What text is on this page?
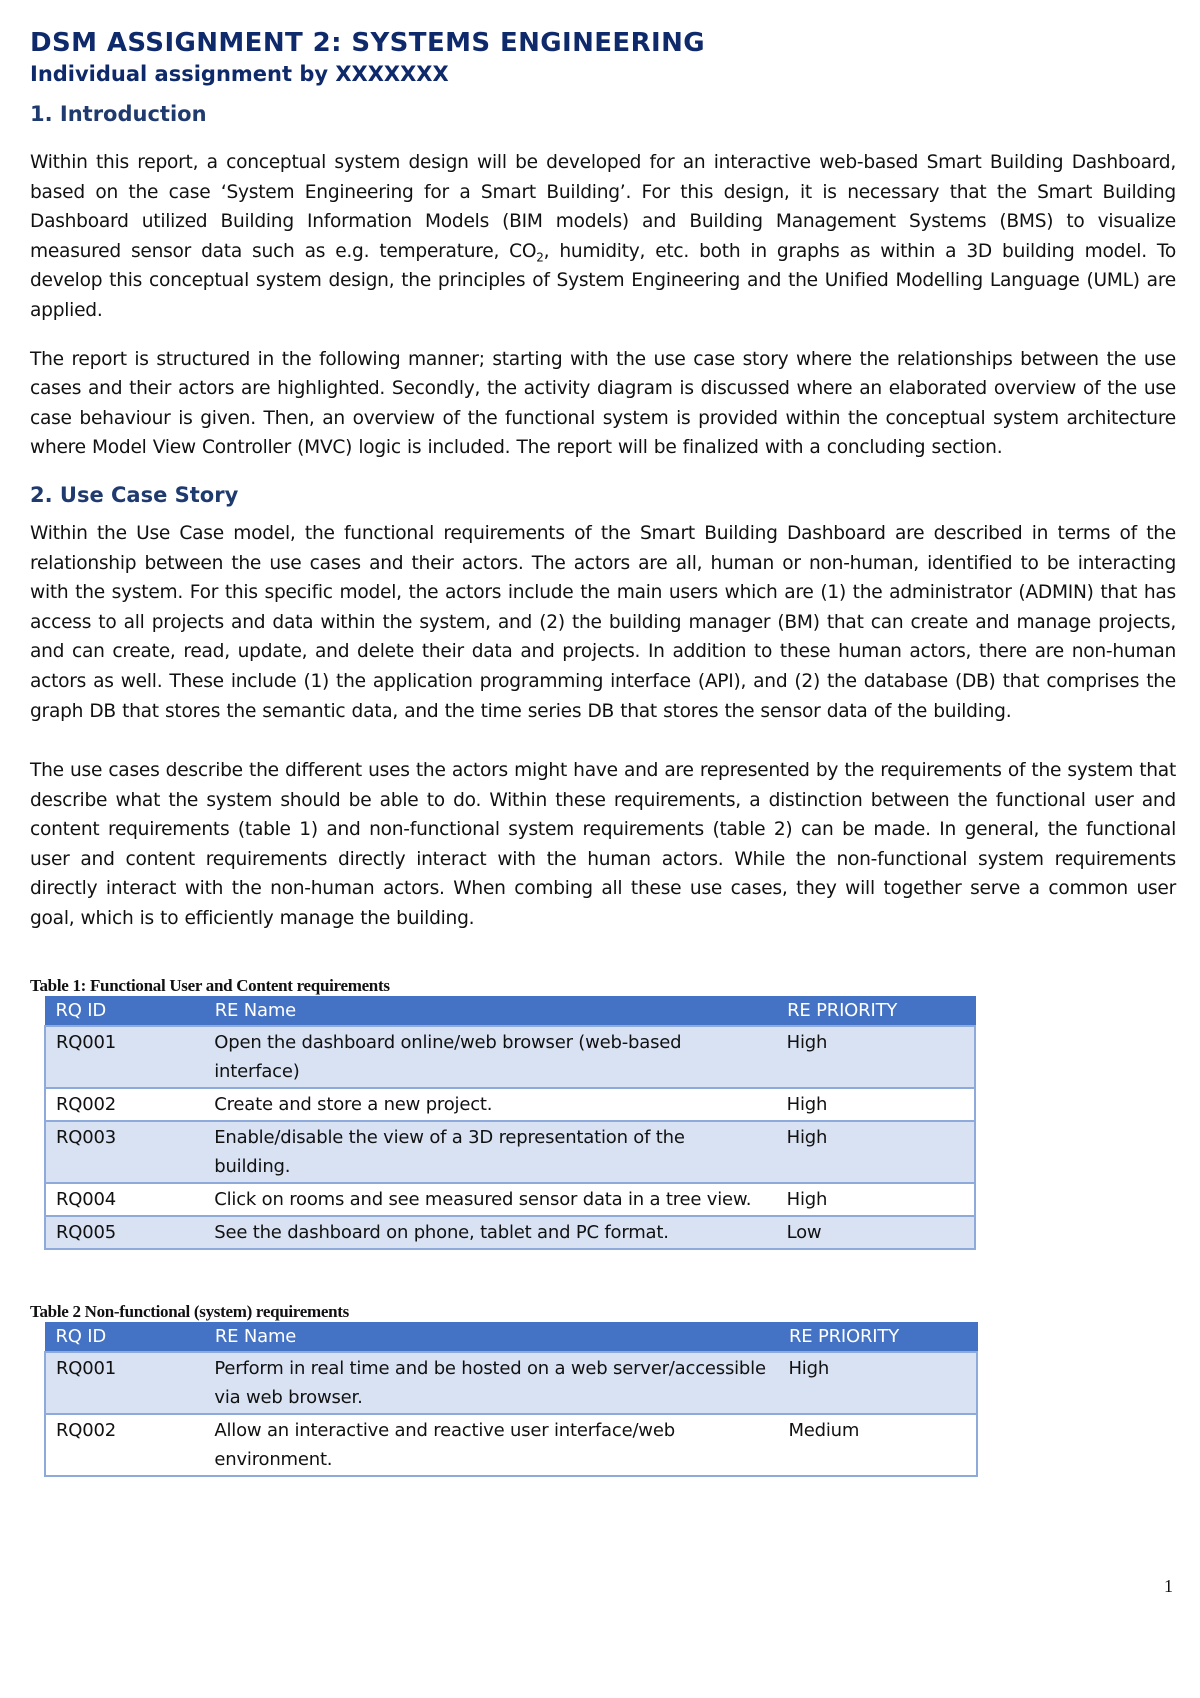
DSM ASSIGNMENT 2: SYSTEMS ENGINEERING
Individual assignment by XXXXXXX
1. Introduction

Within this report, a conceptual system design will be developed for an interactive web-based Smart Building Dashboard, based on the case ‘System Engineering for a Smart Building’. For this design, it is necessary that the Smart Building Dashboard utilized Building Information Models (BIM models) and Building Management Systems (BMS) to visualize measured sensor data such as e.g. temperature, $CO_2$, humidity, etc. both in graphs as within a 3D building model. To develop this conceptual system design, the principles of System Engineering and the Unified Modelling Language (UML) are applied.

The report is structured in the following manner; starting with the use case story where the relationships between the use cases and their actors are highlighted. Secondly, the activity diagram is discussed where an elaborated overview of the use case behaviour is given. Then, an overview of the functional system is provided within the conceptual system architecture where Model View Controller (MVC) logic is included. The report will be finalized with a concluding section.

2. Use Case Story

Within the Use Case model, the functional requirements of the Smart Building Dashboard are described in terms of the relationship between the use cases and their actors. The actors are all, human or non-human, identified to be interacting with the system. For this specific model, the actors include the main users which are (1) the administrator (ADMIN) that has access to all projects and data within the system, and (2) the building manager (BM) that can create and manage projects, and can create, read, update, and delete their data and projects. In addition to these human actors, there are non-human actors as well. These include (1) the application programming interface (API), and (2) the database (DB) that comprises the graph DB that stores the semantic data, and the time series DB that stores the sensor data of the building.

The use cases describe the different uses the actors might have and are represented by the requirements of the system that describe what the system should be able to do. Within these requirements, a distinction between the functional user and content requirements (table 1) and non-functional system requirements (table 2) can be made. In general, the functional user and content requirements directly interact with the human actors. While the non-functional system requirements directly interact with the non-human actors. When combing all these use cases, they will together serve a common user goal, which is to efficiently manage the building.

Table 1: Functional User and Content requirements

RQ ID	RE Name	RE PRIORITY
RQ001	Open the dashboard online/web browser (web-based interface)	High
RQ002	Create and store a new project.	High
RQ003	Enable/disable the view of a 3D representation of the building.	High
RQ004	Click on rooms and see measured sensor data in a tree view.	High
RQ005	See the dashboard on phone, tablet and PC format.	Low

Table 2 Non-functional (system) requirements

RQ ID	RE Name	RE PRIORITY
RQ001	Perform in real time and be hosted on a web server/accessible via web browser.	High
RQ002	Allow an interactive and reactive user interface/web environment.	Medium
1
